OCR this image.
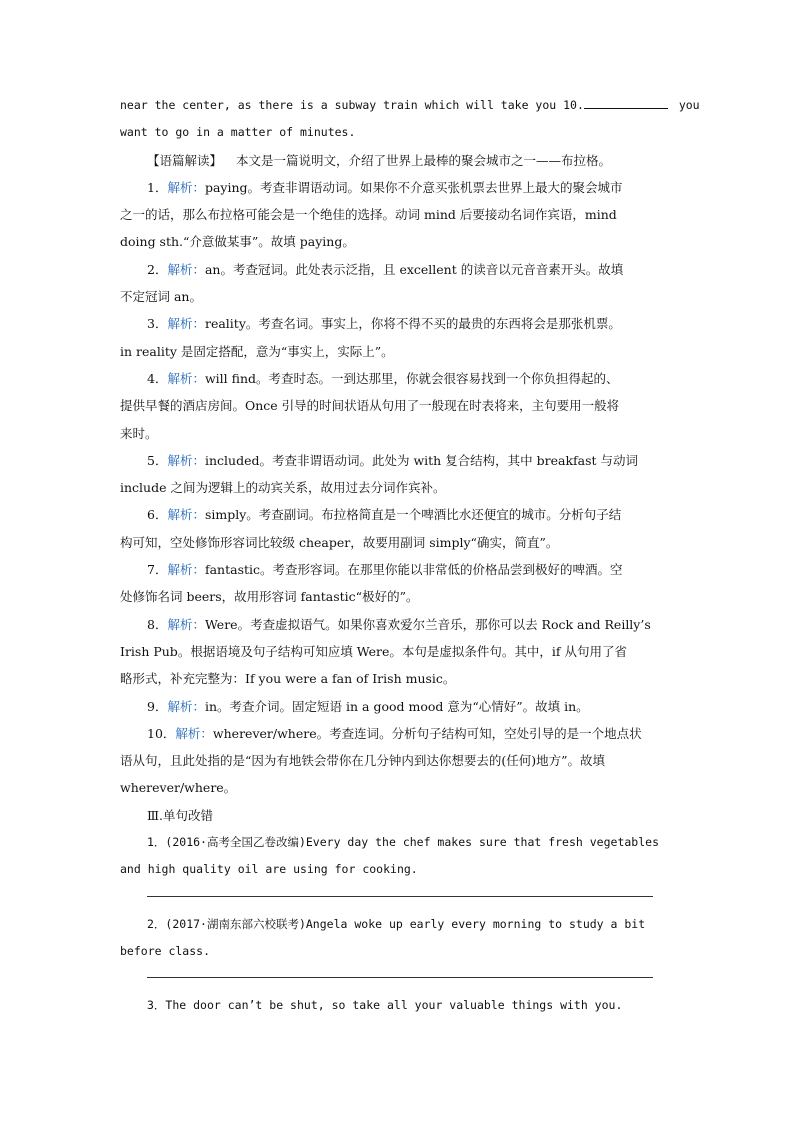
near the center, as there is a subway train which will take you 10.	you
want to go in a matter of minutes.
【语篇解读】 本文是一篇说明文，介绍了世界上最棒的聚会城市之一——布拉格。
1．解析：paying。考查非谓语动词。如果你不介意买张机票去世界上最大的聚会城市
之一的话，那么布拉格可能会是一个绝佳的选择。动词 mind 后要接动名词作宾语，mind
doing sth.“介意做某事”。故填 paying。
2．解析：an。考查冠词。此处表示泛指，且 excellent 的读音以元音音素开头。故填
不定冠词 an。
3．解析：reality。考查名词。事实上，你将不得不买的最贵的东西将会是那张机票。
in reality 是固定搭配，意为“事实上，实际上”。
4．解析：will find。考查时态。一到达那里，你就会很容易找到一个你负担得起的、
提供早餐的酒店房间。Once 引导的时间状语从句用了一般现在时表将来，主句要用一般将
来时。
5．解析：included。考查非谓语动词。此处为 with 复合结构，其中 breakfast 与动词
include 之间为逻辑上的动宾关系，故用过去分词作宾补。
6．解析：simply。考查副词。布拉格简直是一个啤酒比水还便宜的城市。分析句子结
构可知，空处修饰形容词比较级 cheaper，故要用副词 simply“确实，简直”。
7．解析：fantastic。考查形容词。在那里你能以非常低的价格品尝到极好的啤酒。空
处修饰名词 beers，故用形容词 fantastic“极好的”。
8．解析：Were。考查虚拟语气。如果你喜欢爱尔兰音乐，那你可以去 Rock and Reilly’s
Irish Pub。根据语境及句子结构可知应填 Were。本句是虚拟条件句。其中，if 从句用了省
略形式，补充完整为：If you were a fan of Irish music。
9．解析：in。考查介词。固定短语 in a good mood 意为“心情好”。故填 in。
10．解析：wherever/where。考查连词。分析句子结构可知，空处引导的是一个地点状
语从句，且此处指的是“因为有地铁会带你在几分钟内到达你想要去的(任何)地方”。故填
wherever/where。
Ⅲ.单句改错
1．(2016·高考全国乙卷改编)Every day the chef makes sure that fresh vegetables
and high quality oil are using for cooking.
2．(2017·湖南东部六校联考)Angela woke up early every morning to study a bit
before class.
3．The door can’t be shut, so take all your valuable things with you.
